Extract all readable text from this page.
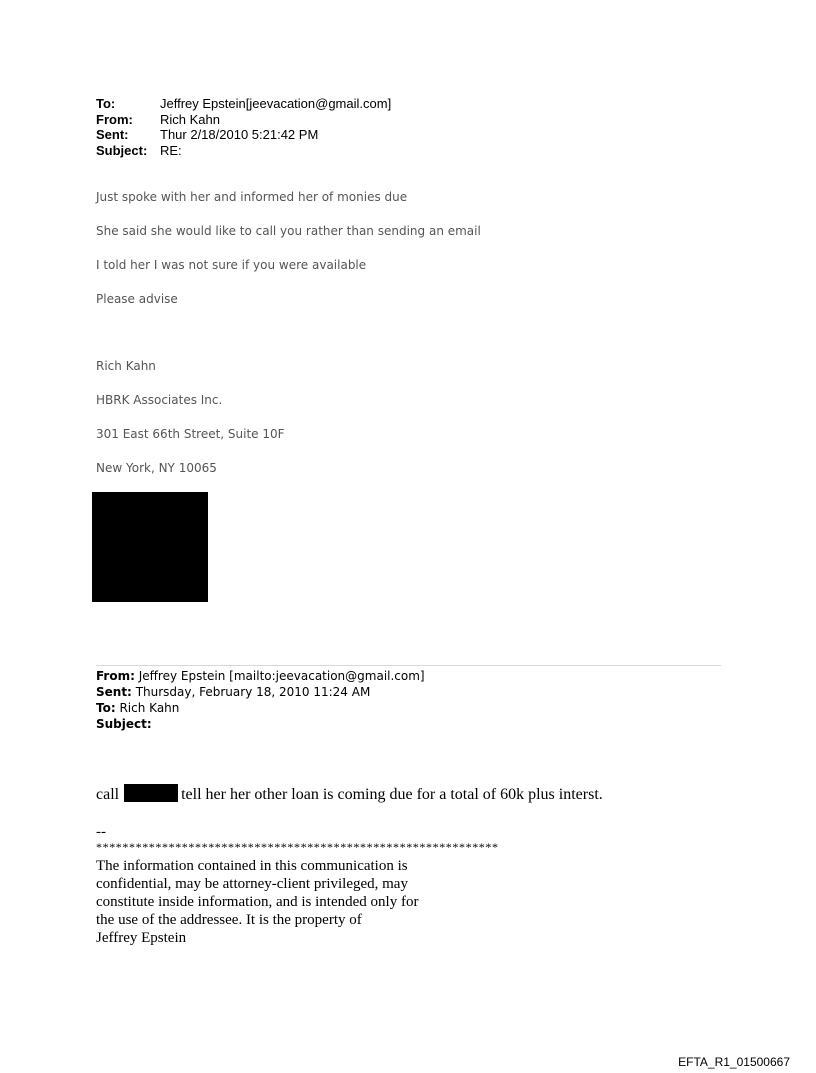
To:	Jeffrey Epstein[jeevacation@gmail.com]
From:	Rich Kahn
Sent:	Thur 2/18/2010 5:21:42 PM
Subject: RE:
Just spoke with her and informed her of monies due
She said she would like to call you rather than sending an email
I told her I was not sure if you were available
Please advise
Rich Kahn
HBRK Associates Inc.
301 East 66th Street, Suite 10F
New York, NY 10065
From: Jeffrey Epstein [mailto:jeevacation@gmail.com]
Sent: Thursday, February 18, 2010 11:24 AM
To: Rich Kahn
Subject:
call	tell her her other loan is coming due for a total of 60k plus interst.
--
*************************************************************
The information contained in this communication is
confidential, may be attorney-client privileged, may
constitute inside information, and is intended only for
the use of the addressee. It is the property of
Jeffrey Epstein
EFTA_R1_01500667
